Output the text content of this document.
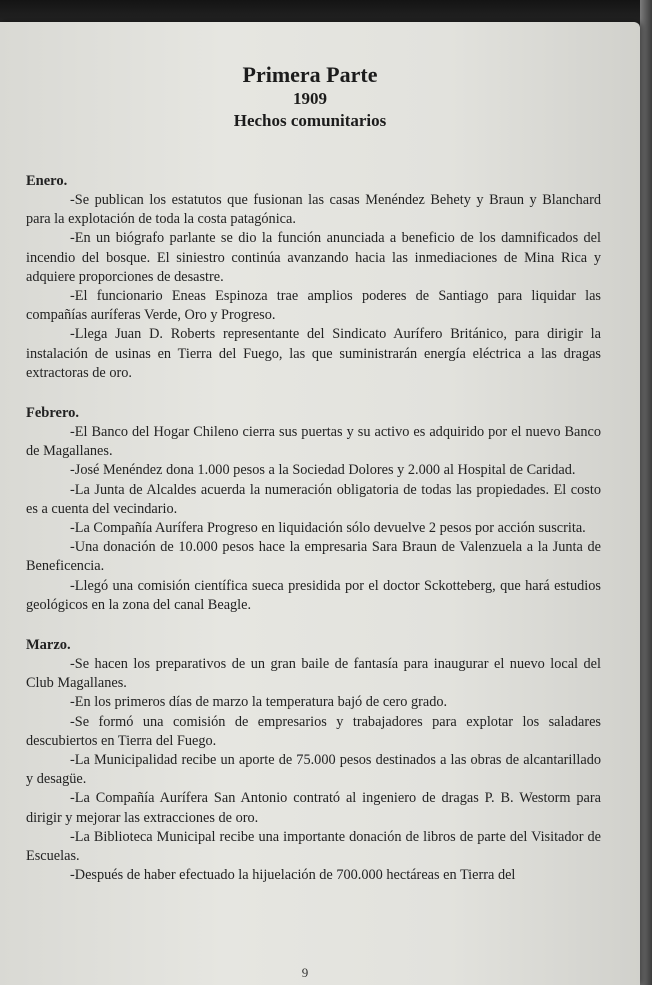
Primera Parte
1909
Hechos comunitarios

Enero.

-Se publican los estatutos que fusionan las casas Menéndez Behety y Braun y Blanchard para la explotación de toda la costa patagónica.

-En un biógrafo parlante se dio la función anunciada a beneficio de los damnificados del incendio del bosque. El siniestro continúa avanzando hacia las inmediaciones de Mina Rica y adquiere proporciones de desastre.

-El funcionario Eneas Espinoza trae amplios poderes de Santiago para liquidar las compañías auríferas Verde, Oro y Progreso.

-Llega Juan D. Roberts representante del Sindicato Aurífero Británico, para dirigir la instalación de usinas en Tierra del Fuego, las que suministrarán energía eléctrica a las dragas extractoras de oro.

Febrero.

-El Banco del Hogar Chileno cierra sus puertas y su activo es adquirido por el nuevo Banco de Magallanes.

-José Menéndez dona 1.000 pesos a la Sociedad Dolores y 2.000 al Hospital de Caridad.

-La Junta de Alcaldes acuerda la numeración obligatoria de todas las propiedades. El costo es a cuenta del vecindario.

-La Compañía Aurífera Progreso en liquidación sólo devuelve 2 pesos por acción suscrita.

-Una donación de 10.000 pesos hace la empresaria Sara Braun de Valenzuela a la Junta de Beneficencia.

-Llegó una comisión científica sueca presidida por el doctor Sckotteberg, que hará estudios geológicos en la zona del canal Beagle.

Marzo.

-Se hacen los preparativos de un gran baile de fantasía para inaugurar el nuevo local del Club Magallanes.

-En los primeros días de marzo la temperatura bajó de cero grado.

-Se formó una comisión de empresarios y trabajadores para explotar los saladares descubiertos en Tierra del Fuego.

-La Municipalidad recibe un aporte de 75.000 pesos destinados a las obras de alcantarillado y desagüe.

-La Compañía Aurífera San Antonio contrató al ingeniero de dragas P. B. Westorm para dirigir y mejorar las extracciones de oro.

-La Biblioteca Municipal recibe una importante donación de libros de parte del Visitador de Escuelas.

-Después de haber efectuado la hijuelación de 700.000 hectáreas en Tierra del

9
